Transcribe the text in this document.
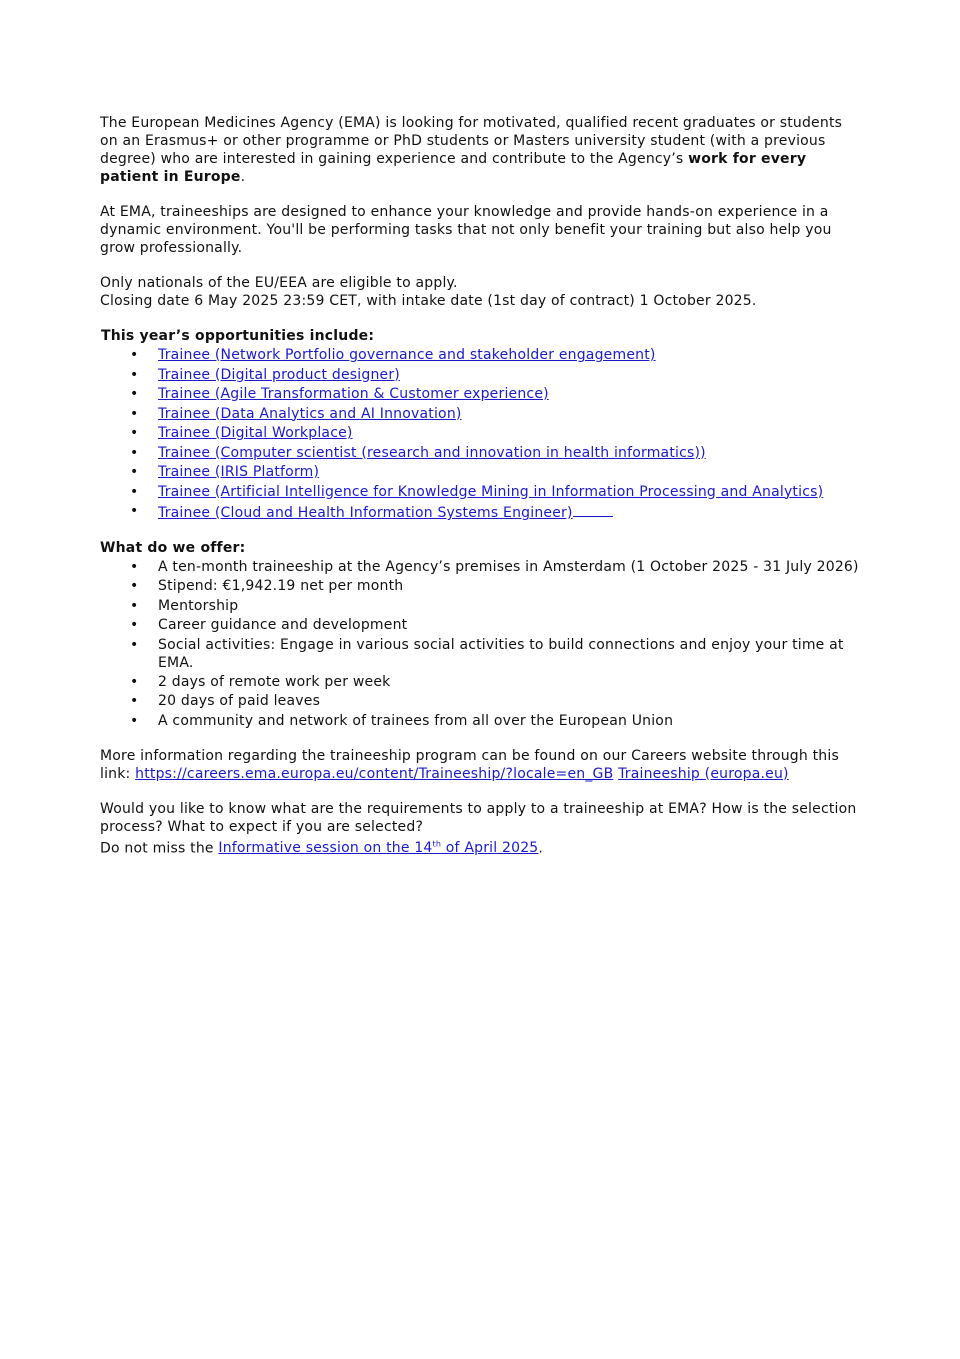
The European Medicines Agency (EMA) is looking for motivated, qualified recent graduates or students on an Erasmus+ or other programme or PhD students or Masters university student (with a previous degree) who are interested in gaining experience and contribute to the Agency’s work for every patient in Europe.

At EMA, traineeships are designed to enhance your knowledge and provide hands-on experience in a dynamic environment. You'll be performing tasks that not only benefit your training but also help you grow professionally.

Only nationals of the EU/EEA are eligible to apply.

Closing date 6 May 2025 23:59 CET, with intake date (1st day of contract) 1 October 2025.

This year’s opportunities include:
• Trainee (Network Portfolio governance and stakeholder engagement)
• Trainee (Digital product designer)
• Trainee (Agile Transformation & Customer experience)
• Trainee (Data Analytics and AI Innovation)
• Trainee (Digital Workplace)
• Trainee (Computer scientist (research and innovation in health informatics))
• Trainee (IRIS Platform)
• Trainee (Artificial Intelligence for Knowledge Mining in Information Processing and Analytics)
• Trainee (Cloud and Health Information Systems Engineer)
What do we offer:
• A ten-month traineeship at the Agency’s premises in Amsterdam (1 October 2025 - 31 July 2026)
• Stipend: €1,942.19 net per month
• Mentorship
• Career guidance and development
• Social activities: Engage in various social activities to build connections and enjoy your time at EMA.
• 2 days of remote work per week
• 20 days of paid leaves
• A community and network of trainees from all over the European Union

More information regarding the traineeship program can be found on our Careers website through this link: https://careers.ema.europa.eu/content/Traineeship/?locale=en_GB Traineeship (europa.eu)

Would you like to know what are the requirements to apply to a traineeship at EMA? How is the selection process? What to expect if you are selected?

Do not miss the Informative session on the 14th of April 2025.
